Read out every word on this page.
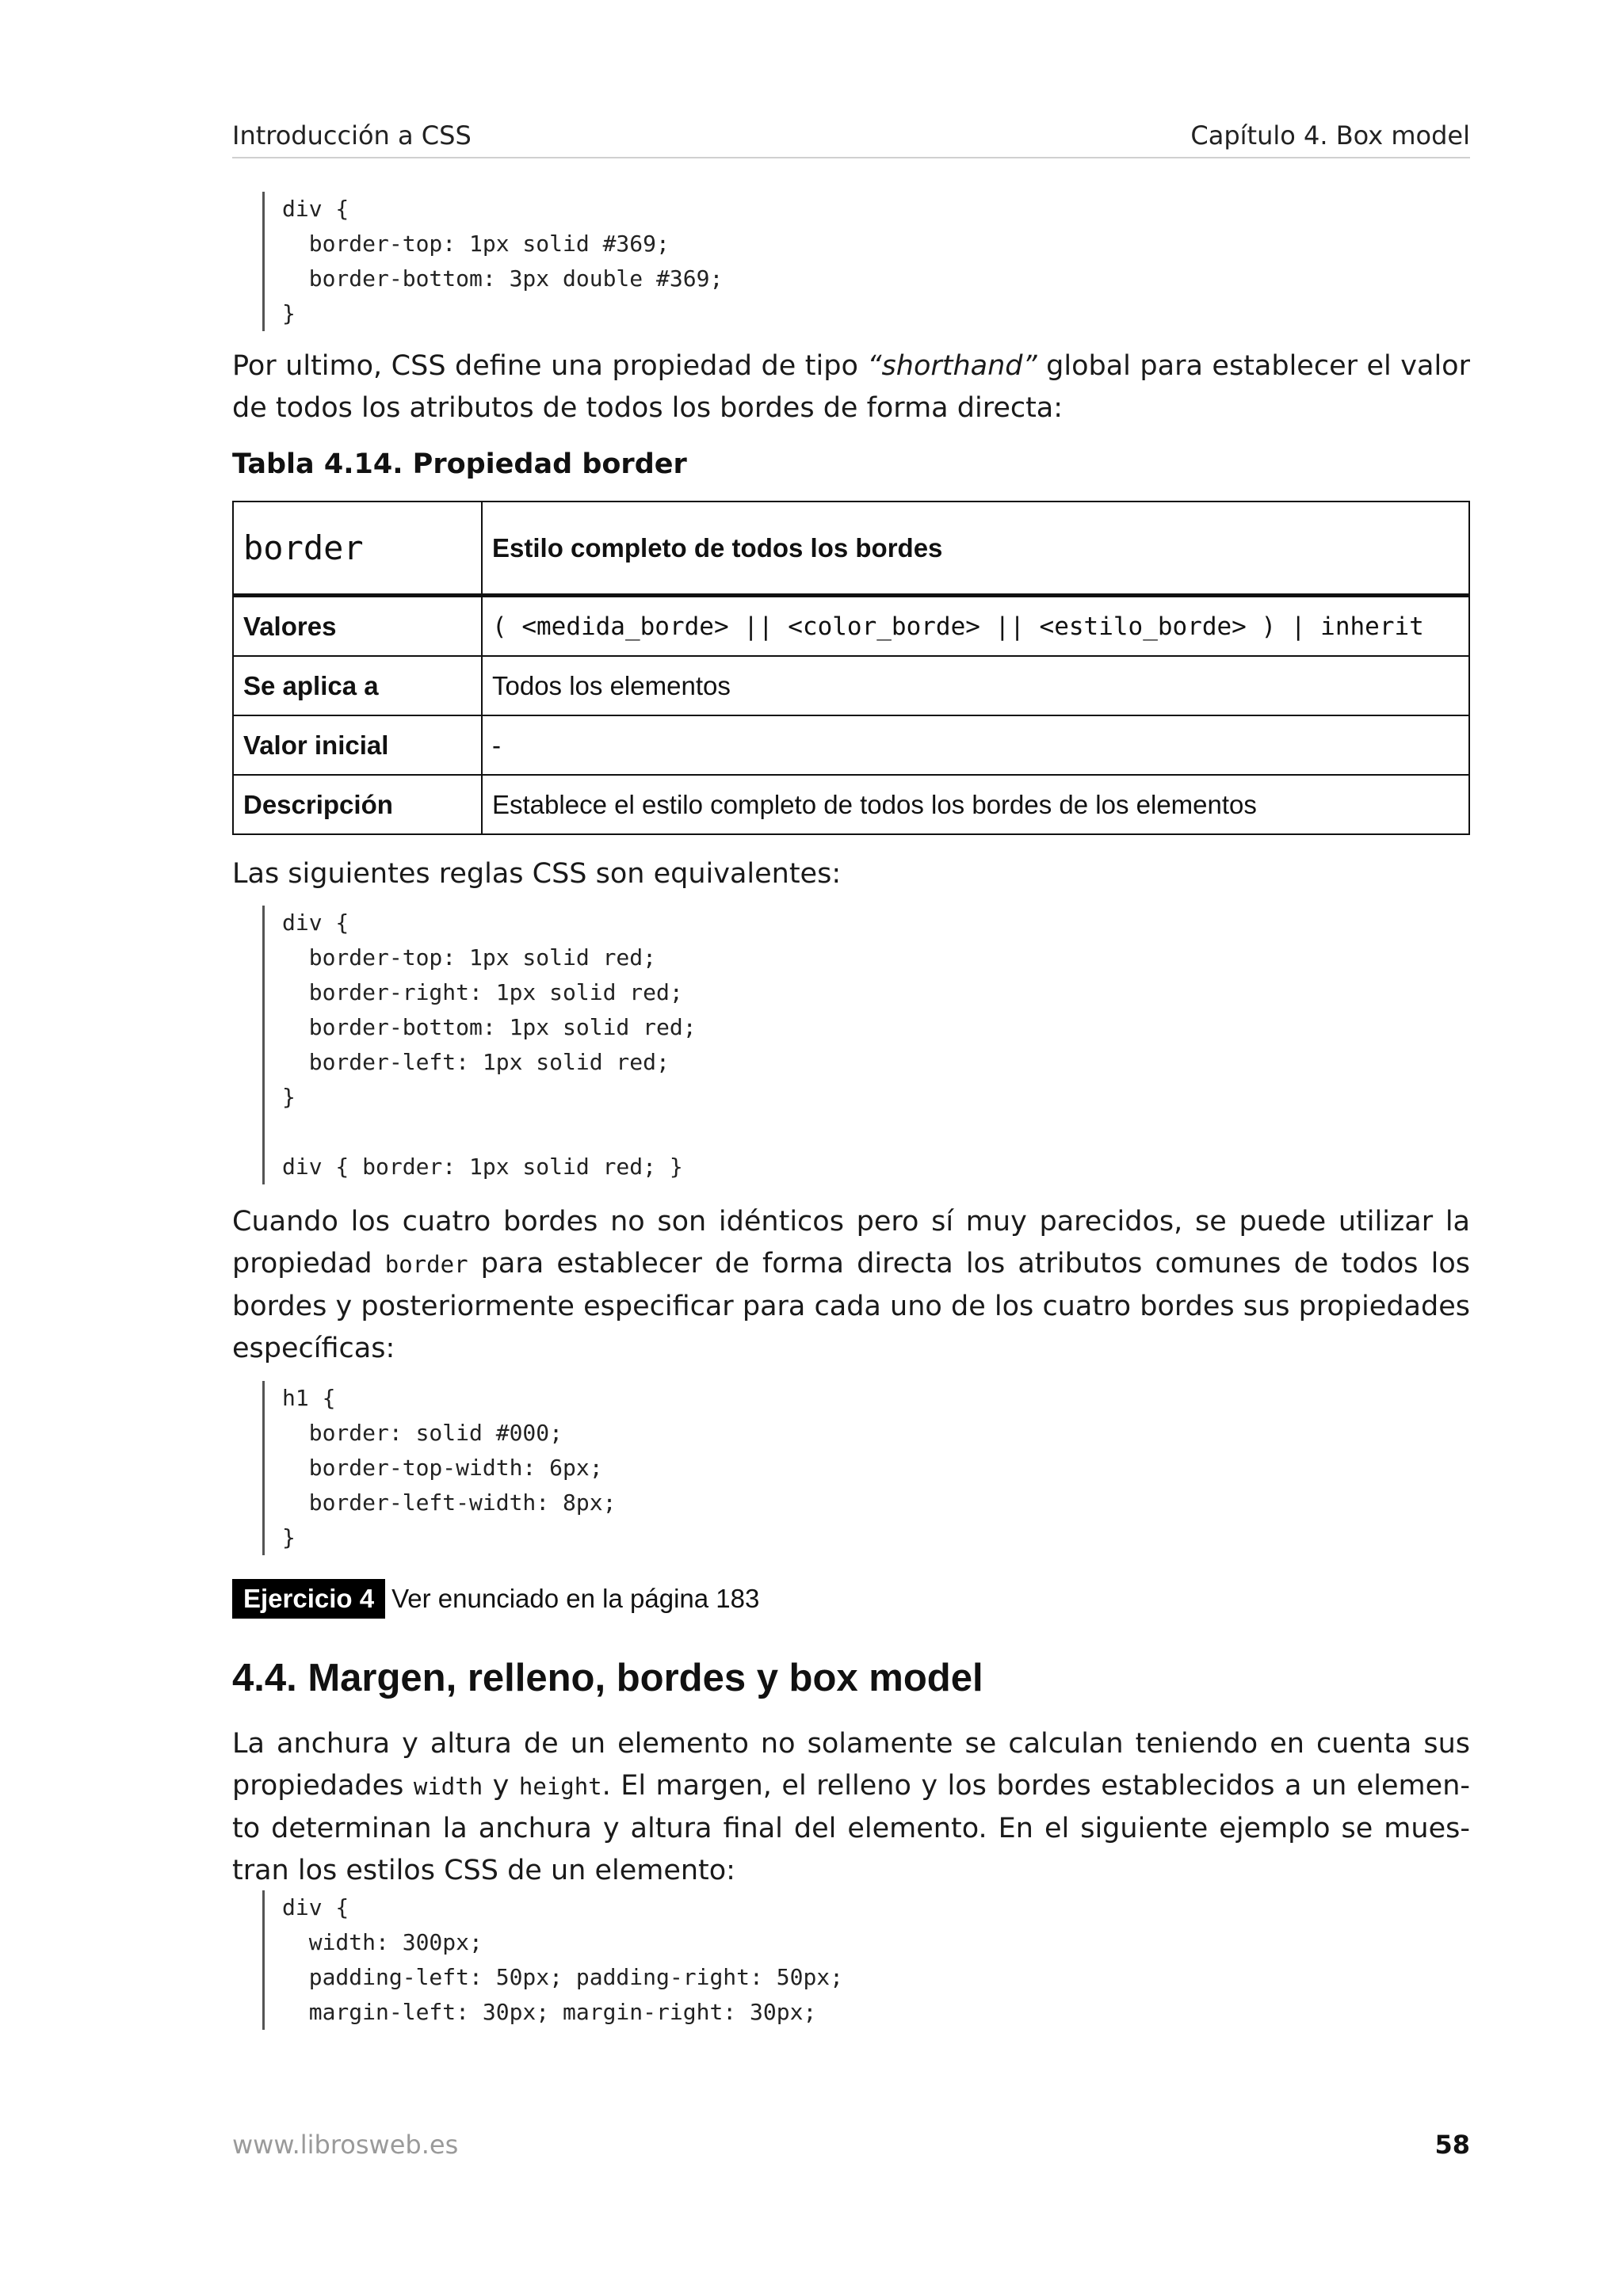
Introducción a CSS	Capítulo 4. Box model
div {
border-top: 1px solid #369;
border-bottom: 3px double #369;
}

Por ultimo, CSS define una propiedad de tipo “shorthand” global para establecer el valor de todos los atributos de todos los bordes de forma directa:

Tabla 4.14. Propiedad border
border	Estilo completo de todos los bordes
Valores	( <medida_borde> || <color_borde> || <estilo_borde> ) | inherit
Se aplica a	Todos los elementos
Valor inicial	-
Descripción	Establece el estilo completo de todos los bordes de los elementos

Las siguientes reglas CSS son equivalentes:

div {
border-top: 1px solid red;
border-right: 1px solid red;
border-bottom: 1px solid red;
border-left: 1px solid red;
}

div { border: 1px solid red; }

Cuando los cuatro bordes no son idénticos pero sí muy parecidos, se puede utilizar la propiedad border para establecer de forma directa los atributos comunes de todos los bordes y posteriormente especificar para cada uno de los cuatro bordes sus propiedades específicas:

h1 {
border: solid #000;
border-top-width: 6px;
border-left-width: 8px;
}
Ejercicio 4 Ver enunciado en la página 183
4.4. Margen, relleno, bordes y box model

La anchura y altura de un elemento no solamente se calculan teniendo en cuenta sus propiedades width y height. El margen, el relleno y los bordes establecidos a un elemento determinan la anchura y altura final del elemento. En el siguiente ejemplo se muestran los estilos CSS de un elemento:

div {
width: 300px;
padding-left: 50px; padding-right: 50px;
margin-left: 30px; margin-right: 30px;
www.librosweb.es	58
